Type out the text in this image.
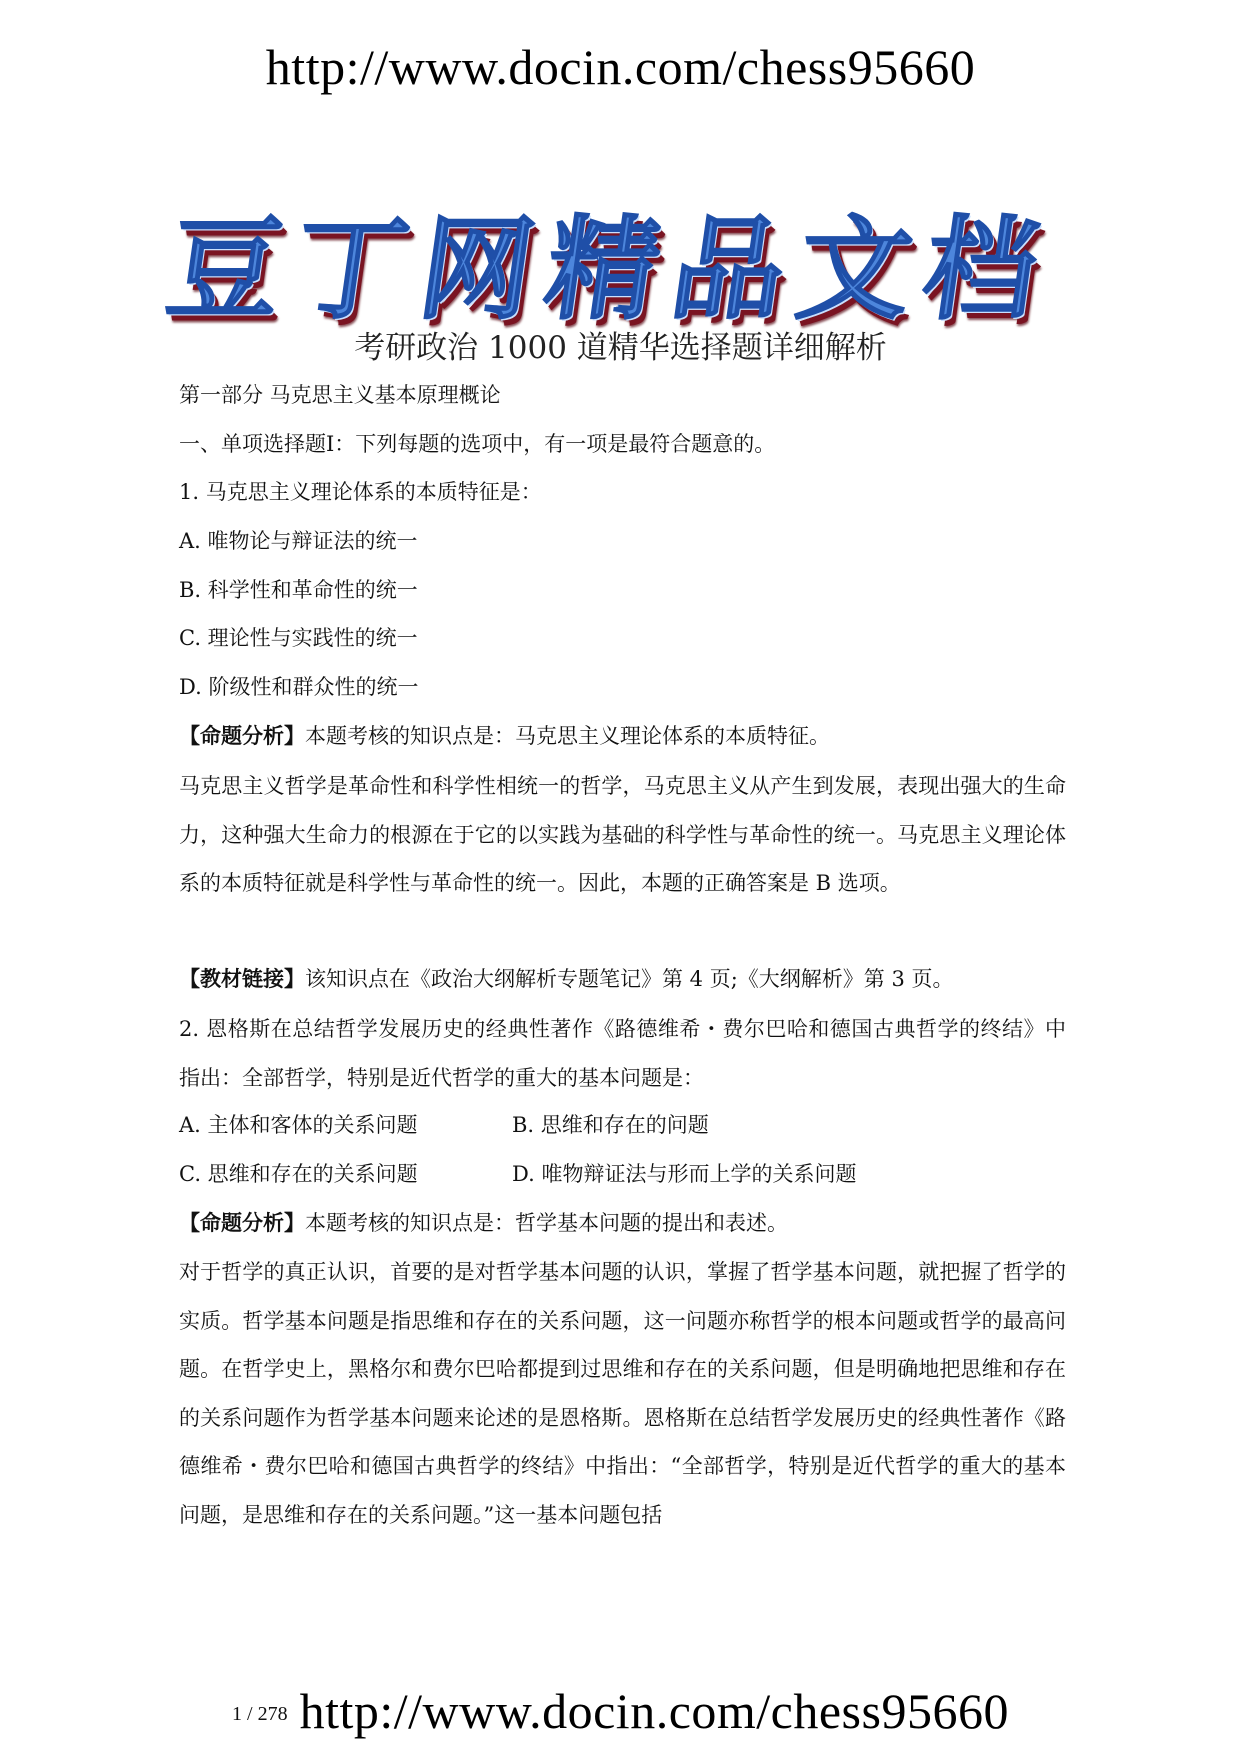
http://www.docin.com/chess95660
豆丁网精品文档
考研政治 1000 道精华选择题详细解析
第一部分 马克思主义基本原理概论
一、单项选择题Ⅰ：下列每题的选项中，有一项是最符合题意的。
1. 马克思主义理论体系的本质特征是：
A. 唯物论与辩证法的统一
B. 科学性和革命性的统一
C. 理论性与实践性的统一
D. 阶级性和群众性的统一
【命题分析】本题考核的知识点是：马克思主义理论体系的本质特征。
马克思主义哲学是革命性和科学性相统一的哲学，马克思主义从产生到发展，表现出强大的生命力，这种强大生命力的根源在于它的以实践为基础的科学性与革命性的统一。马克思主义理论体系的本质特征就是科学性与革命性的统一。因此，本题的正确答案是 B 选项。
【教材链接】该知识点在《政治大纲解析专题笔记》第 4 页;《大纲解析》第 3 页。
2. 恩格斯在总结哲学发展历史的经典性著作《路德维希・费尔巴哈和德国古典哲学的终结》中指出：全部哲学，特别是近代哲学的重大的基本问题是：
A. 主体和客体的关系问题	B. 思维和存在的问题
C. 思维和存在的关系问题	D. 唯物辩证法与形而上学的关系问题
【命题分析】本题考核的知识点是：哲学基本问题的提出和表述。
对于哲学的真正认识，首要的是对哲学基本问题的认识，掌握了哲学基本问题，就把握了哲学的实质。哲学基本问题是指思维和存在的关系问题，这一问题亦称哲学的根本问题或哲学的最高问题。在哲学史上，黑格尔和费尔巴哈都提到过思维和存在的关系问题，但是明确地把思维和存在的关系问题作为哲学基本问题来论述的是恩格斯。恩格斯在总结哲学发展历史的经典性著作《路德维希・费尔巴哈和德国古典哲学的终结》中指出：“全部哲学，特别是近代哲学的重大的基本问题，是思维和存在的关系问题。”这一基本问题包括
1 / 278 http://www.docin.com/chess95660
